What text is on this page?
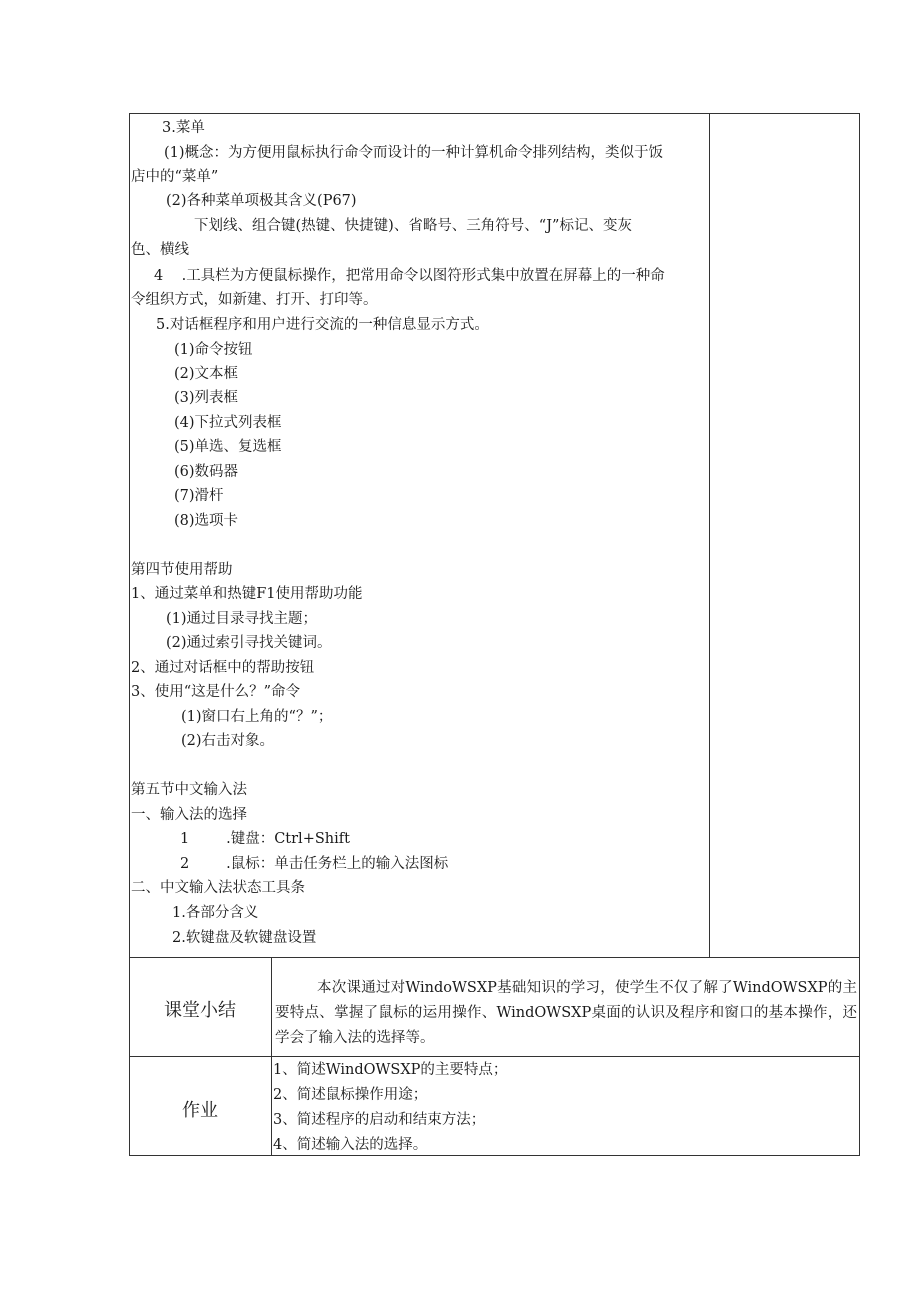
3.菜单
(1)概念：为方便用鼠标执行命令而设计的一种计算机命令排列结构，类似于饭
店中的“菜单”
(2)各种菜单项极其含义(P67)
下划线、组合键(热键、快捷键)、省略号、三角符号、“J”标记、变灰
色、横线
4    .工具栏为方便鼠标操作，把常用命令以图符形式集中放置在屏幕上的一种命
令组织方式，如新建、打开、打印等。
5.对话框程序和用户进行交流的一种信息显示方式。
(1)命令按钮
(2)文本框
(3)列表框
(4)下拉式列表框
(5)单选、复选框
(6)数码器
(7)滑杆
(8)选项卡
第四节使用帮助
1、通过菜单和热键F1使用帮助功能
(1)通过目录寻找主题；
(2)通过索引寻找关键词。
2、通过对话框中的帮助按钮
3、使用“这是什么？”命令
(1)窗口右上角的“？”；
(2)右击对象。
第五节中文输入法
一、输入法的选择
1        .键盘：Ctrl+Shift
2        .鼠标：单击任务栏上的输入法图标
二、中文输入法状态工具条
1.各部分含义
2.软键盘及软键盘设置
课堂小结
本次课通过对WindoWSXP基础知识的学习，使学生不仅了解了WindOWSXP的主要特点、掌握了鼠标的运用操作、WindOWSXP桌面的认识及程序和窗口的基本操作，还学会了输入法的选择等。
作业
1、简述WindOWSXP的主要特点；
2、简述鼠标操作用途；
3、简述程序的启动和结束方法；
4、简述输入法的选择。
